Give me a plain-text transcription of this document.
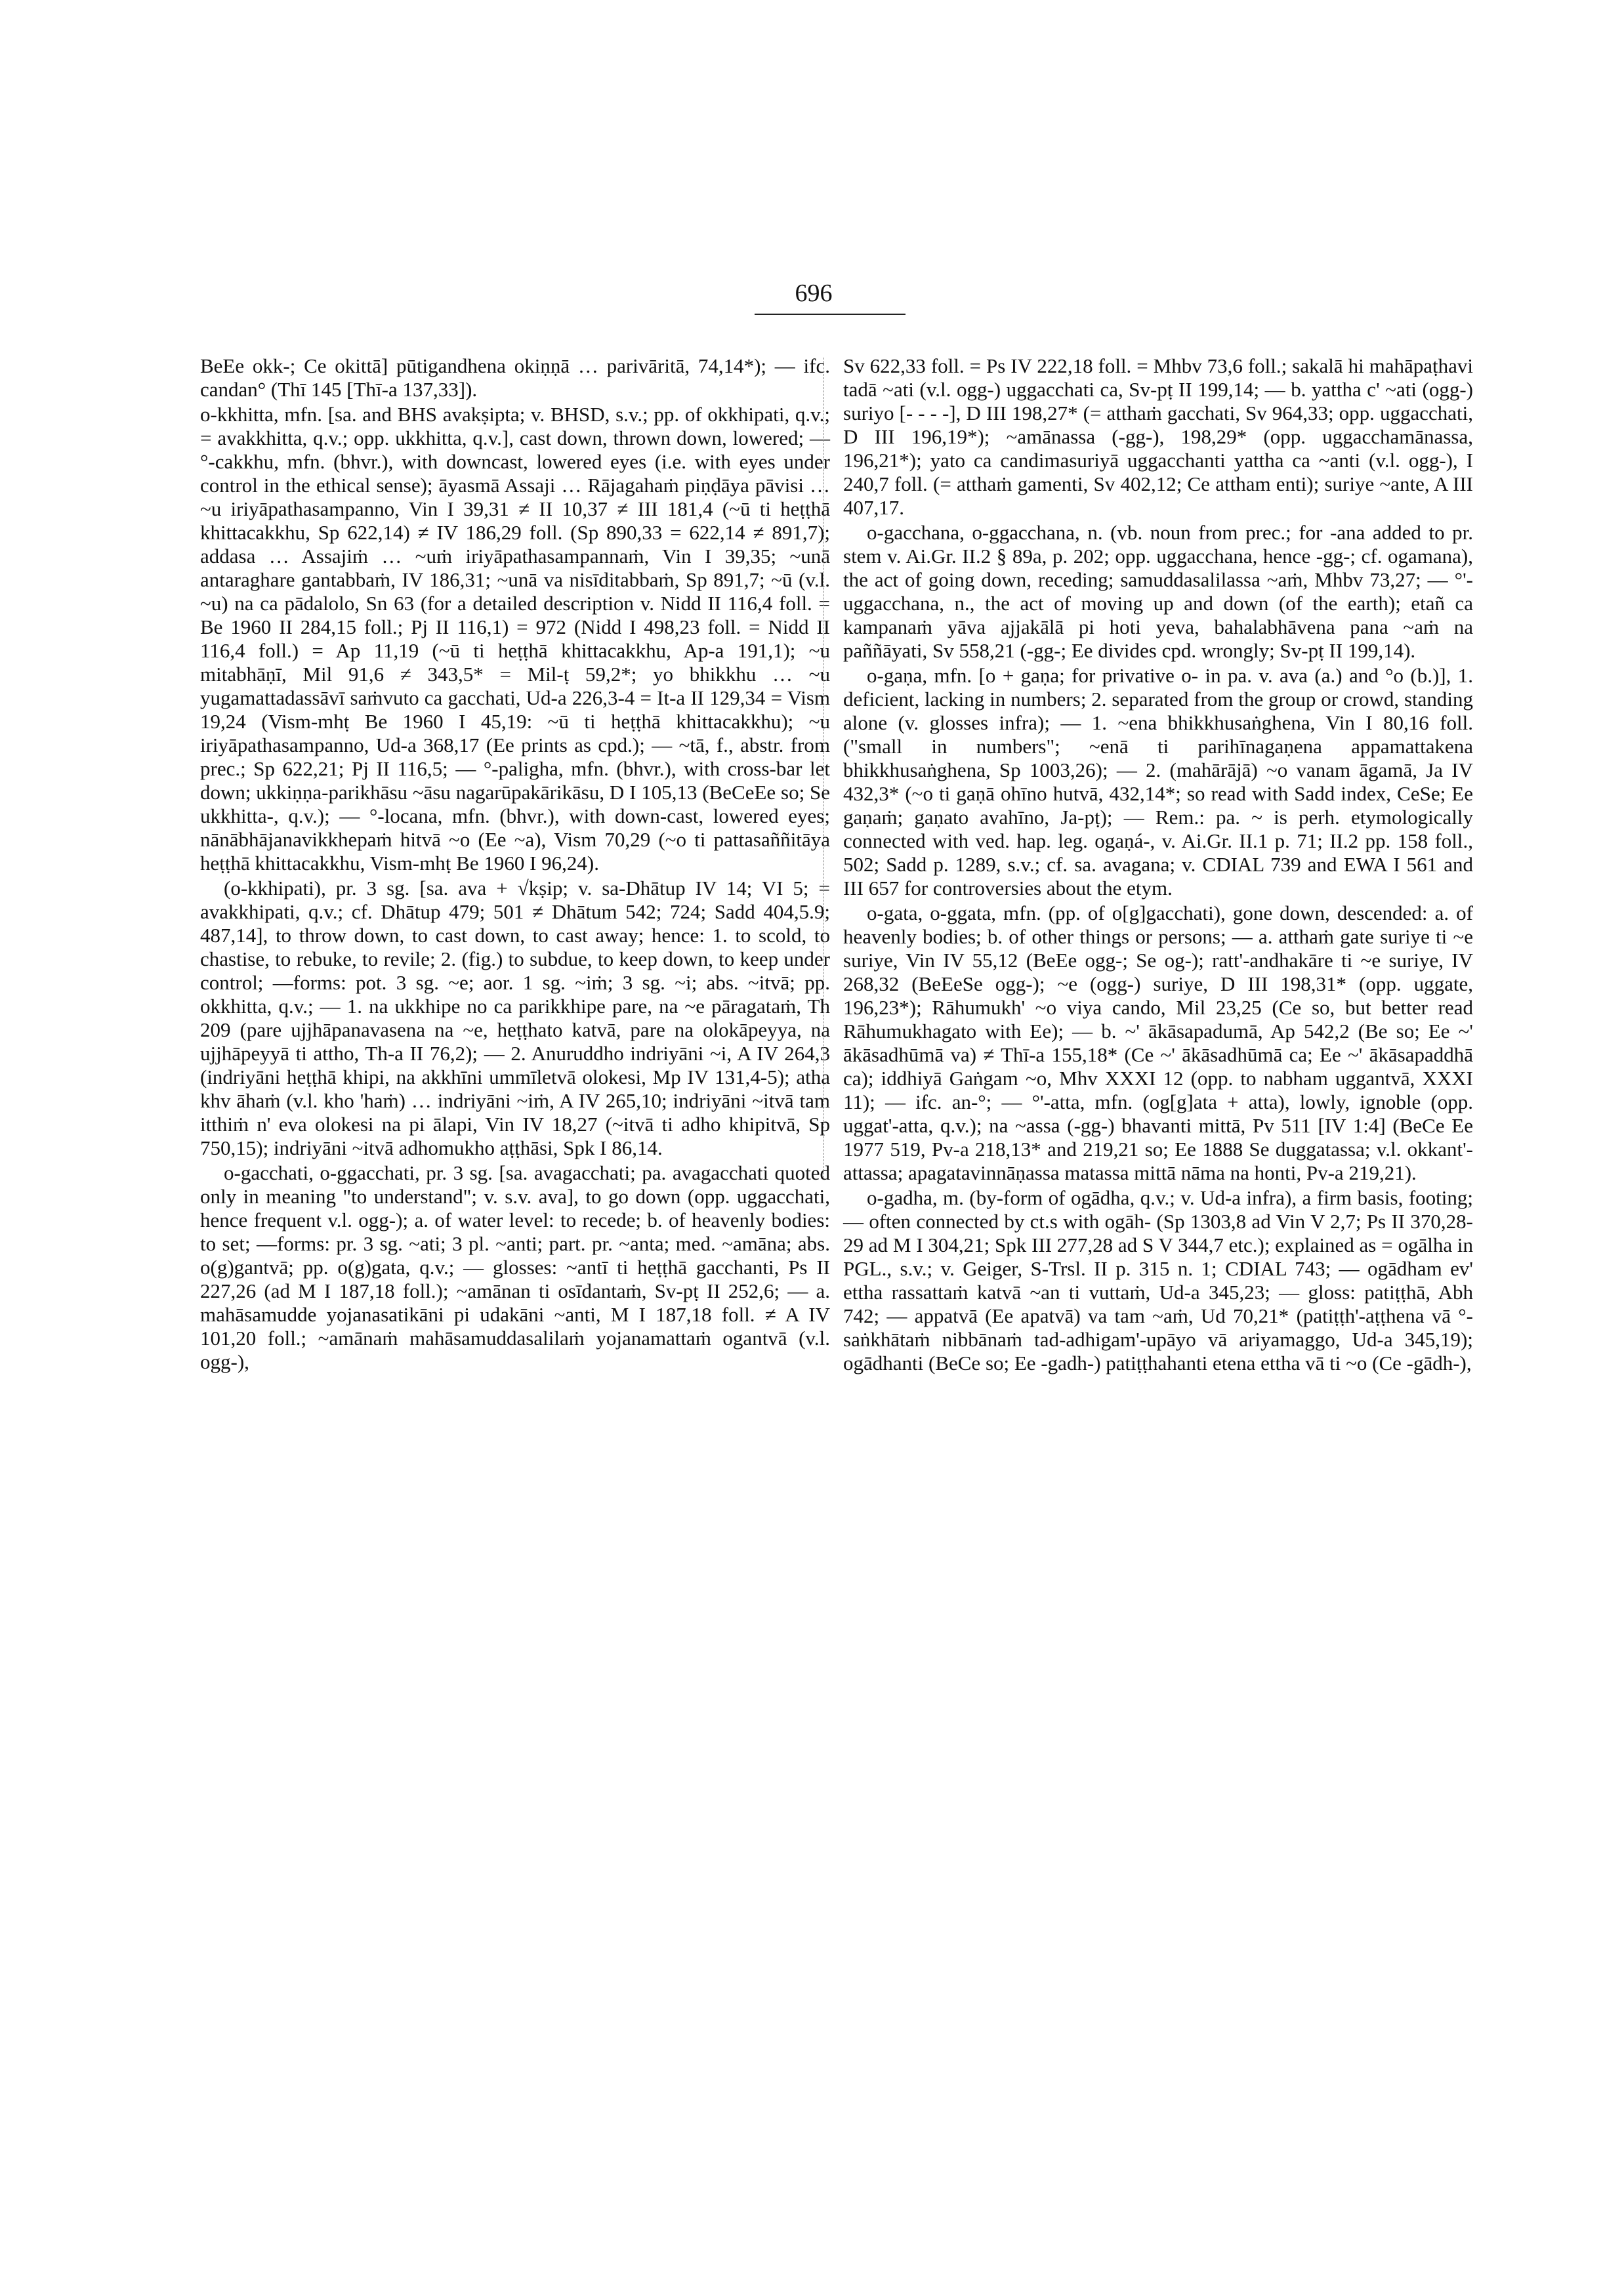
696

BeEe okk-; Ce okittā] pūtigandhena okiṇṇā … parivāritā, 74,14*); — ifc. candan° (Thī 145 [Thī-a 137,33]).

o-kkhitta, mfn. [sa. and BHS avakṣipta; v. BHSD, s.v.; pp. of okkhipati, q.v.; = avakkhitta, q.v.; opp. ukkhitta, q.v.], cast down, thrown down, lowered; — °-cakkhu, mfn. (bhvr.), with downcast, lowered eyes (i.e. with eyes under control in the ethical sense); āyasmā Assaji … Rājagahaṁ piṇḍāya pāvisi … ~u iriyāpathasampanno, Vin I 39,31 ≠ II 10,37 ≠ III 181,4 (~ū ti heṭṭhā khittacakkhu, Sp 622,14) ≠ IV 186,29 foll. (Sp 890,33 = 622,14 ≠ 891,7); addasa … Assajiṁ … ~uṁ iriyāpathasampannaṁ, Vin I 39,35; ~unā antaraghare gantabbaṁ, IV 186,31; ~unā va nisīditabbaṁ, Sp 891,7; ~ū (v.l. ~u) na ca pādalolo, Sn 63 (for a detailed description v. Nidd II 116,4 foll. = Be 1960 II 284,15 foll.; Pj II 116,1) = 972 (Nidd I 498,23 foll. = Nidd II 116,4 foll.) = Ap 11,19 (~ū ti heṭṭhā khittacakkhu, Ap-a 191,1); ~u mitabhāṇī, Mil 91,6 ≠ 343,5* = Mil-ṭ 59,2*; yo bhikkhu … ~u yugamattadassāvī saṁvuto ca gacchati, Ud-a 226,3-4 = It-a II 129,34 = Vism 19,24 (Vism-mhṭ Be 1960 I 45,19: ~ū ti heṭṭhā khittacakkhu); ~u iriyāpathasampanno, Ud-a 368,17 (Ee prints as cpd.); — ~tā, f., abstr. from prec.; Sp 622,21; Pj II 116,5; — °-paligha, mfn. (bhvr.), with cross-bar let down; ukkiṇṇa-parikhāsu ~āsu nagarūpakārikāsu, D I 105,13 (BeCeEe so; Se ukkhitta-, q.v.); — °-locana, mfn. (bhvr.), with down-cast, lowered eyes; nānābhājanavikkhepaṁ hitvā ~o (Ee ~a), Vism 70,29 (~o ti pattasaññitāya heṭṭhā khittacakkhu, Vism-mhṭ Be 1960 I 96,24).

(o-kkhipati), pr. 3 sg. [sa. ava + √kṣip; v. sa-Dhātup IV 14; VI 5; = avakkhipati, q.v.; cf. Dhātup 479; 501 ≠ Dhātum 542; 724; Sadd 404,5.9; 487,14], to throw down, to cast down, to cast away; hence: 1. to scold, to chastise, to rebuke, to revile; 2. (fig.) to subdue, to keep down, to keep under control; —forms: pot. 3 sg. ~e; aor. 1 sg. ~iṁ; 3 sg. ~i; abs. ~itvā; pp. okkhitta, q.v.; — 1. na ukkhipe no ca parikkhipe pare, na ~e pāragataṁ, Th 209 (pare ujjhāpanavasena na ~e, heṭṭhato katvā, pare na olokāpeyya, na ujjhāpeyyā ti attho, Th-a II 76,2); — 2. Anuruddho indriyāni ~i, A IV 264,3 (indriyāni heṭṭhā khipi, na akkhīni ummīletvā olokesi, Mp IV 131,4-5); atha khv āhaṁ (v.l. kho 'haṁ) … indriyāni ~iṁ, A IV 265,10; indriyāni ~itvā tam itthiṁ n' eva olokesi na pi ālapi, Vin IV 18,27 (~itvā ti adho khipitvā, Sp 750,15); indriyāni ~itvā adhomukho aṭṭhāsi, Spk I 86,14.

o-gacchati, o-ggacchati, pr. 3 sg. [sa. avagacchati; pa. avagacchati quoted only in meaning "to understand"; v. s.v. ava], to go down (opp. uggacchati, hence frequent v.l. ogg-); a. of water level: to recede; b. of heavenly bodies: to set; —forms: pr. 3 sg. ~ati; 3 pl. ~anti; part. pr. ~anta; med. ~amāna; abs. o(g)gantvā; pp. o(g)gata, q.v.; — glosses: ~antī ti heṭṭhā gacchanti, Ps II 227,26 (ad M I 187,18 foll.); ~amānan ti osīdantaṁ, Sv-pṭ II 252,6; — a. mahāsamudde yojanasatikāni pi udakāni ~anti, M I 187,18 foll. ≠ A IV 101,20 foll.; ~amānaṁ mahāsamuddasalilaṁ yojanamattaṁ ogantvā (v.l. ogg-),

Sv 622,33 foll. = Ps IV 222,18 foll. = Mhbv 73,6 foll.; sakalā hi mahāpaṭhavi tadā ~ati (v.l. ogg-) uggacchati ca, Sv-pṭ II 199,14; — b. yattha c' ~ati (ogg-) suriyo [- - - -], D III 198,27* (= atthaṁ gacchati, Sv 964,33; opp. uggacchati, D III 196,19*); ~amānassa (-gg-), 198,29* (opp. uggacchamānassa, 196,21*); yato ca candimasuriyā uggacchanti yattha ca ~anti (v.l. ogg-), I 240,7 foll. (= atthaṁ gamenti, Sv 402,12; Ce attham enti); suriye ~ante, A III 407,17.

o-gacchana, o-ggacchana, n. (vb. noun from prec.; for -ana added to pr. stem v. Ai.Gr. II.2 § 89a, p. 202; opp. uggacchana, hence -gg-; cf. ogamana), the act of going down, receding; samuddasalilassa ~aṁ, Mhbv 73,27; — °'-uggacchana, n., the act of moving up and down (of the earth); etañ ca kampanaṁ yāva ajjakālā pi hoti yeva, bahalabhāvena pana ~aṁ na paññāyati, Sv 558,21 (-gg-; Ee divides cpd. wrongly; Sv-pṭ II 199,14).

o-gaṇa, mfn. [o + gaṇa; for privative o- in pa. v. ava (a.) and °o (b.)], 1. deficient, lacking in numbers; 2. separated from the group or crowd, standing alone (v. glosses infra); — 1. ~ena bhikkhusaṅghena, Vin I 80,16 foll. ("small in numbers"; ~enā ti parihīnagaṇena appamattakena bhikkhusaṅghena, Sp 1003,26); — 2. (mahārājā) ~o vanam āgamā, Ja IV 432,3* (~o ti gaṇā ohīno hutvā, 432,14*; so read with Sadd index, CeSe; Ee gaṇaṁ; gaṇato avahīno, Ja-pṭ); — Rem.: pa. ~ is perh. etymologically connected with ved. hap. leg. ogaṇá-, v. Ai.Gr. II.1 p. 71; II.2 pp. 158 foll., 502; Sadd p. 1289, s.v.; cf. sa. avagana; v. CDIAL 739 and EWA I 561 and III 657 for controversies about the etym.

o-gata, o-ggata, mfn. (pp. of o[g]gacchati), gone down, descended: a. of heavenly bodies; b. of other things or persons; — a. atthaṁ gate suriye ti ~e suriye, Vin IV 55,12 (BeEe ogg-; Se og-); ratt'-andhakāre ti ~e suriye, IV 268,32 (BeEeSe ogg-); ~e (ogg-) suriye, D III 198,31* (opp. uggate, 196,23*); Rāhumukh' ~o viya cando, Mil 23,25 (Ce so, but better read Rāhumukhagato with Ee); — b. ~' ākāsapadumā, Ap 542,2 (Be so; Ee ~' ākāsadhūmā va) ≠ Thī-a 155,18* (Ce ~' ākāsadhūmā ca; Ee ~' ākāsapaddhā ca); iddhiyā Gaṅgam ~o, Mhv XXXI 12 (opp. to nabham uggantvā, XXXI 11); — ifc. an-°; — °'-atta, mfn. (og[g]ata + atta), lowly, ignoble (opp. uggat'-atta, q.v.); na ~assa (-gg-) bhavanti mittā, Pv 511 [IV 1:4] (BeCe Ee 1977 519, Pv-a 218,13* and 219,21 so; Ee 1888 Se duggatassa; v.l. okkant'-attassa; apagatavinnāṇassa matassa mittā nāma na honti, Pv-a 219,21).

o-gadha, m. (by-form of ogādha, q.v.; v. Ud-a infra), a firm basis, footing; — often connected by ct.s with ogāh- (Sp 1303,8 ad Vin V 2,7; Ps II 370,28-29 ad M I 304,21; Spk III 277,28 ad S V 344,7 etc.); explained as = ogālha in PGL., s.v.; v. Geiger, S-Trsl. II p. 315 n. 1; CDIAL 743; — ogādham ev' ettha rassattaṁ katvā ~an ti vuttaṁ, Ud-a 345,23; — gloss: patiṭṭhā, Abh 742; — appatvā (Ee apatvā) va tam ~aṁ, Ud 70,21* (patiṭṭh'-aṭṭhena vā °-saṅkhātaṁ nibbānaṁ tad-adhigam'-upāyo vā ariyamaggo, Ud-a 345,19); ogādhanti (BeCe so; Ee -gadh-) patiṭṭhahanti etena ettha vā ti ~o (Ce -gādh-),
